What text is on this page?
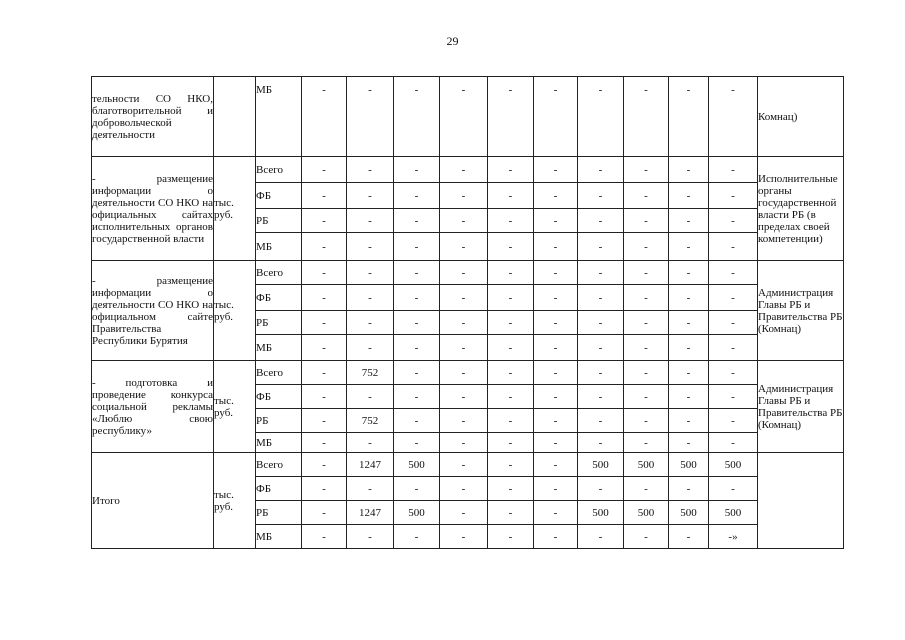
29
тельности СО НКО, благотворительной и добровольческой деятельности		МБ	-	-	-	-	-	-	-	-	-	-	Комнац)
- размещение информации о деятельности СО НКО на официальных сайтах исполнительных органов государственной власти	тыс. руб.	Всего	-	-	-	-	-	-	-	-	-	-	Исполнительные органы государственной власти РБ (в пределах своей компетенции)
		ФБ	-	-	-	-	-	-	-	-	-	-	
		РБ	-	-	-	-	-	-	-	-	-	-	
		МБ	-	-	-	-	-	-	-	-	-	-	
- размещение информации о деятельности СО НКО на официальном сайте Правительства Республики Бурятия	тыс. руб.	Всего	-	-	-	-	-	-	-	-	-	-	Администрация Главы РБ и Правительства РБ (Комнац)
		ФБ	-	-	-	-	-	-	-	-	-	-	
		РБ	-	-	-	-	-	-	-	-	-	-	
		МБ	-	-	-	-	-	-	-	-	-	-	
- подготовка и проведение конкурса социальной рекламы «Люблю свою республику»	тыс. руб.	Всего	-	752	-	-	-	-	-	-	-	-	Администрация Главы РБ и Правительства РБ (Комнац)
		ФБ	-	-	-	-	-	-	-	-	-	-	
		РБ	-	752	-	-	-	-	-	-	-	-	
		МБ	-	-	-	-	-	-	-	-	-	-	
Итого	тыс. руб.	Всего	-	1247	500	-	-	-	500	500	500	500	
		ФБ	-	-	-	-	-	-	-	-	-	-	
		РБ	-	1247	500	-	-	-	500	500	500	500	
		МБ	-	-	-	-	-	-	-	-	-	-»	
